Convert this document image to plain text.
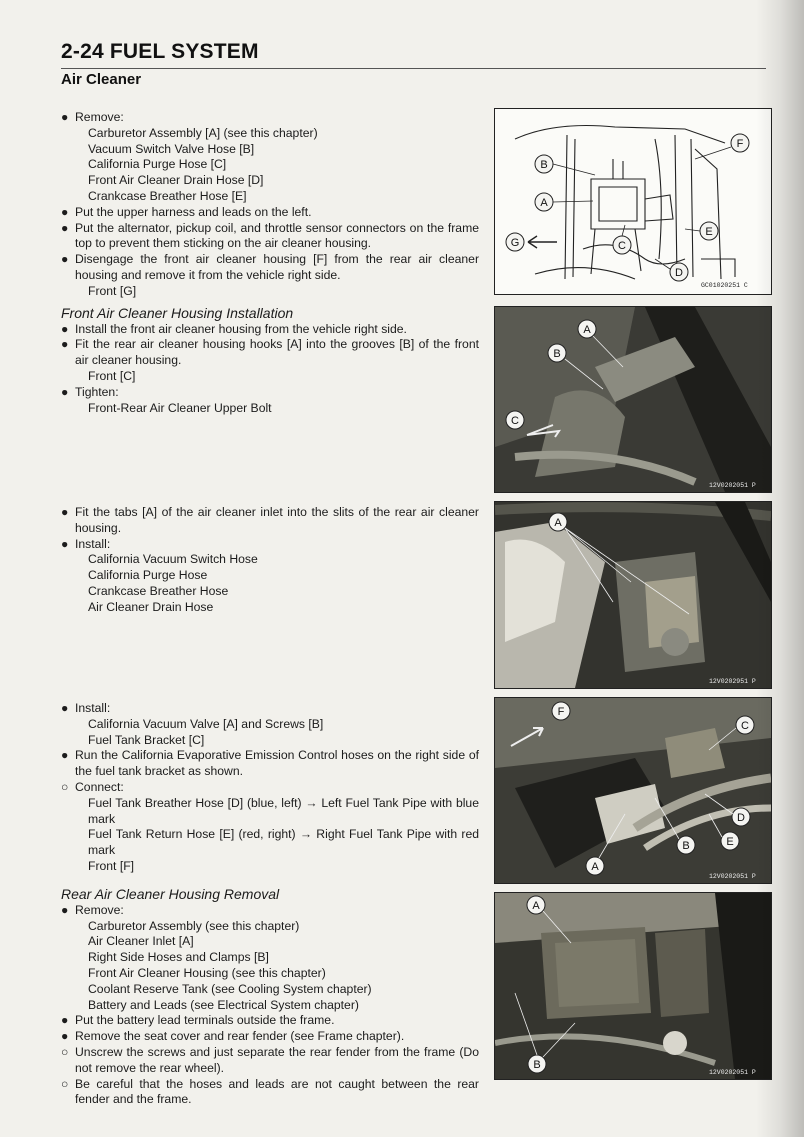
2-24 FUEL SYSTEM
Air Cleaner

● Remove:

Carburetor Assembly [A] (see this chapter)

Vacuum Switch Valve Hose [B]

California Purge Hose [C]

Front Air Cleaner Drain Hose [D]

Crankcase Breather Hose [E]

● Put the upper harness and leads on the left.

● Put the alternator, pickup coil, and throttle sensor connectors on the frame top to prevent them sticking on the air cleaner housing.

● Disengage the front air cleaner housing [F] from the rear air cleaner housing and remove it from the vehicle right side.

Front [G]

Front Air Cleaner Housing Installation

● Install the front air cleaner housing from the vehicle right side.

● Fit the rear air cleaner housing hooks [A] into the grooves [B] of the front air cleaner housing.

Front [C]

● Tighten:

Front-Rear Air Cleaner Upper Bolt

● Fit the tabs [A] of the air cleaner inlet into the slits of the rear air cleaner housing.

● Install:

California Vacuum Switch Hose

California Purge Hose

Crankcase Breather Hose

Air Cleaner Drain Hose

● Install:

California Vacuum Valve [A] and Screws [B]

Fuel Tank Bracket [C]

● Run the California Evaporative Emission Control hoses on the right side of the fuel tank bracket as shown.

○ Connect:

Fuel Tank Breather Hose [D] (blue, left) → Left Fuel Tank Pipe with blue mark

Fuel Tank Return Hose [E] (red, right) → Right Fuel Tank Pipe with red mark

Front [F]

Rear Air Cleaner Housing Removal

● Remove:

Carburetor Assembly (see this chapter)

Air Cleaner Inlet [A]

Right Side Hoses and Clamps [B]

Front Air Cleaner Housing (see this chapter)

Coolant Reserve Tank (see Cooling System chapter)

Battery and Leads (see Electrical System chapter)

● Put the battery lead terminals outside the frame.

● Remove the seat cover and rear fender (see Frame chapter).

○ Unscrew the screws and just separate the rear fender from the frame (Do not remove the rear wheel).

○ Be careful that the hoses and leads are not caught between the rear fender and the frame.

F
B
A
E
G	C
D
GC01020251 C
A
B
C
12V0202051 P
A
12V0202951 P
F
C
D
B	E
A
12V0202051 P
A
B
12V0202051 P
